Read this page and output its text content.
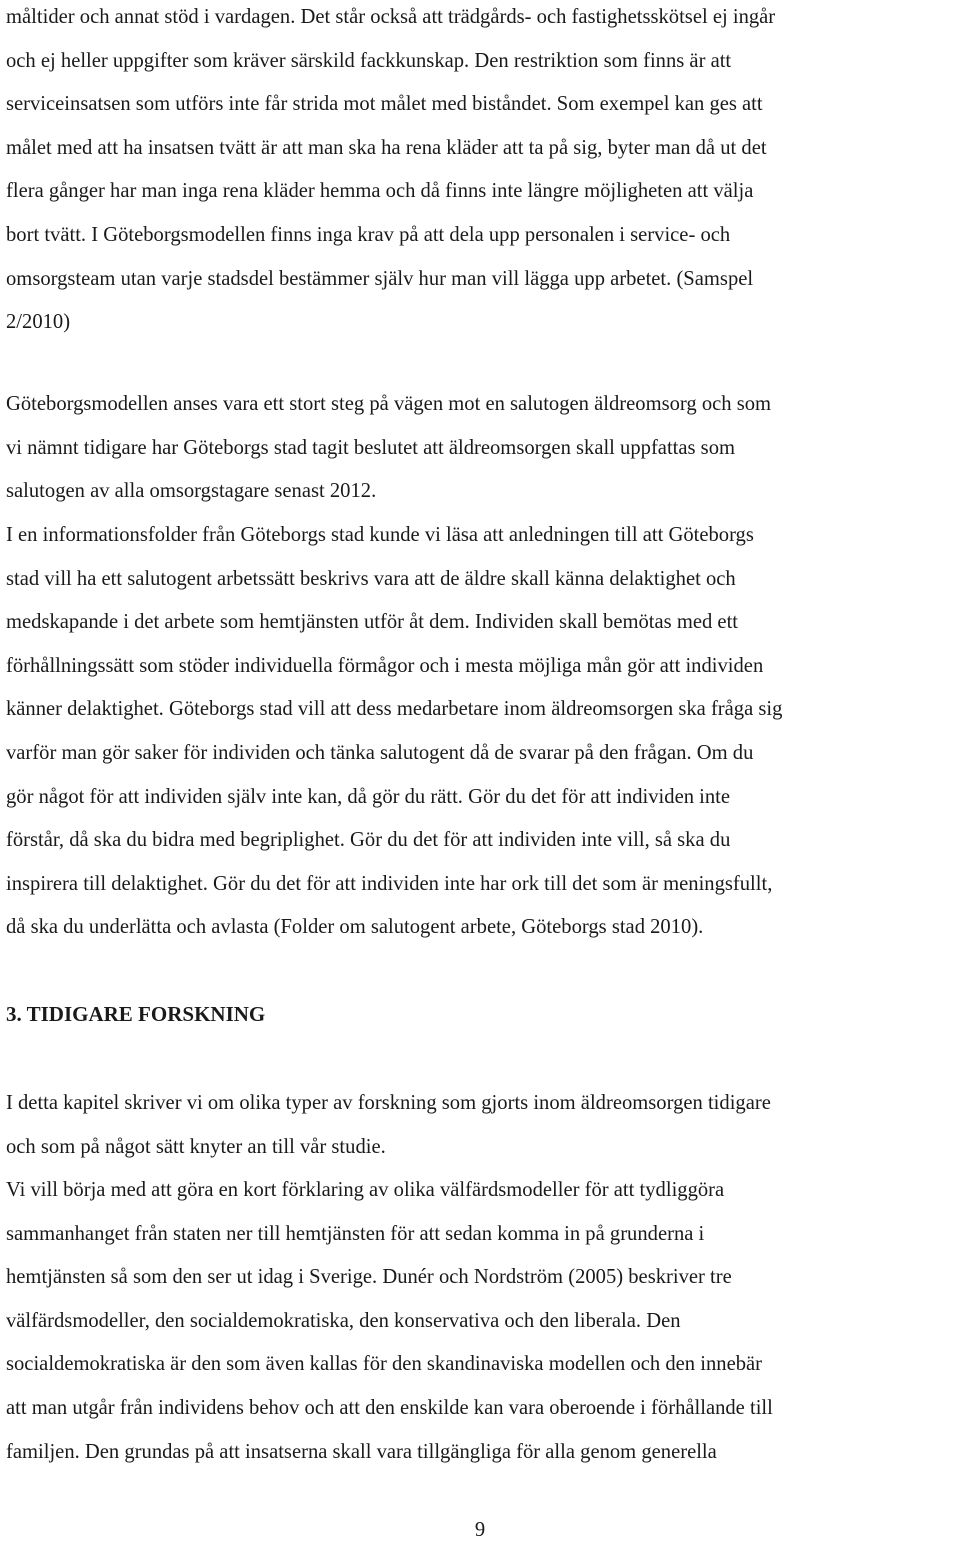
måltider och annat stöd i vardagen. Det står också att trädgårds- och fastighetsskötsel ej ingår
och ej heller uppgifter som kräver särskild fackkunskap. Den restriktion som finns är att
serviceinsatsen som utförs inte får strida mot målet med biståndet. Som exempel kan ges att
målet med att ha insatsen tvätt är att man ska ha rena kläder att ta på sig, byter man då ut det
flera gånger har man inga rena kläder hemma och då finns inte längre möjligheten att välja
bort tvätt. I Göteborgsmodellen finns inga krav på att dela upp personalen i service- och
omsorgsteam utan varje stadsdel bestämmer själv hur man vill lägga upp arbetet. (Samspel
2/2010)

Göteborgsmodellen anses vara ett stort steg på vägen mot en salutogen äldreomsorg och som
vi nämnt tidigare har Göteborgs stad tagit beslutet att äldreomsorgen skall uppfattas som
salutogen av alla omsorgstagare senast 2012.

I en informationsfolder från Göteborgs stad kunde vi läsa att anledningen till att Göteborgs
stad vill ha ett salutogent arbetssätt beskrivs vara att de äldre skall känna delaktighet och
medskapande i det arbete som hemtjänsten utför åt dem. Individen skall bemötas med ett
förhållningssätt som stöder individuella förmågor och i mesta möjliga mån gör att individen
känner delaktighet. Göteborgs stad vill att dess medarbetare inom äldreomsorgen ska fråga sig
varför man gör saker för individen och tänka salutogent då de svarar på den frågan. Om du
gör något för att individen själv inte kan, då gör du rätt. Gör du det för att individen inte
förstår, då ska du bidra med begriplighet. Gör du det för att individen inte vill, så ska du
inspirera till delaktighet. Gör du det för att individen inte har ork till det som är meningsfullt,
då ska du underlätta och avlasta (Folder om salutogent arbete, Göteborgs stad 2010).

3. TIDIGARE FORSKNING

I detta kapitel skriver vi om olika typer av forskning som gjorts inom äldreomsorgen tidigare
och som på något sätt knyter an till vår studie.

Vi vill börja med att göra en kort förklaring av olika välfärdsmodeller för att tydliggöra
sammanhanget från staten ner till hemtjänsten för att sedan komma in på grunderna i
hemtjänsten så som den ser ut idag i Sverige. Dunér och Nordström (2005) beskriver tre
välfärdsmodeller, den socialdemokratiska, den konservativa och den liberala. Den
socialdemokratiska är den som även kallas för den skandinaviska modellen och den innebär
att man utgår från individens behov och att den enskilde kan vara oberoende i förhållande till
familjen. Den grundas på att insatserna skall vara tillgängliga för alla genom generella

9
